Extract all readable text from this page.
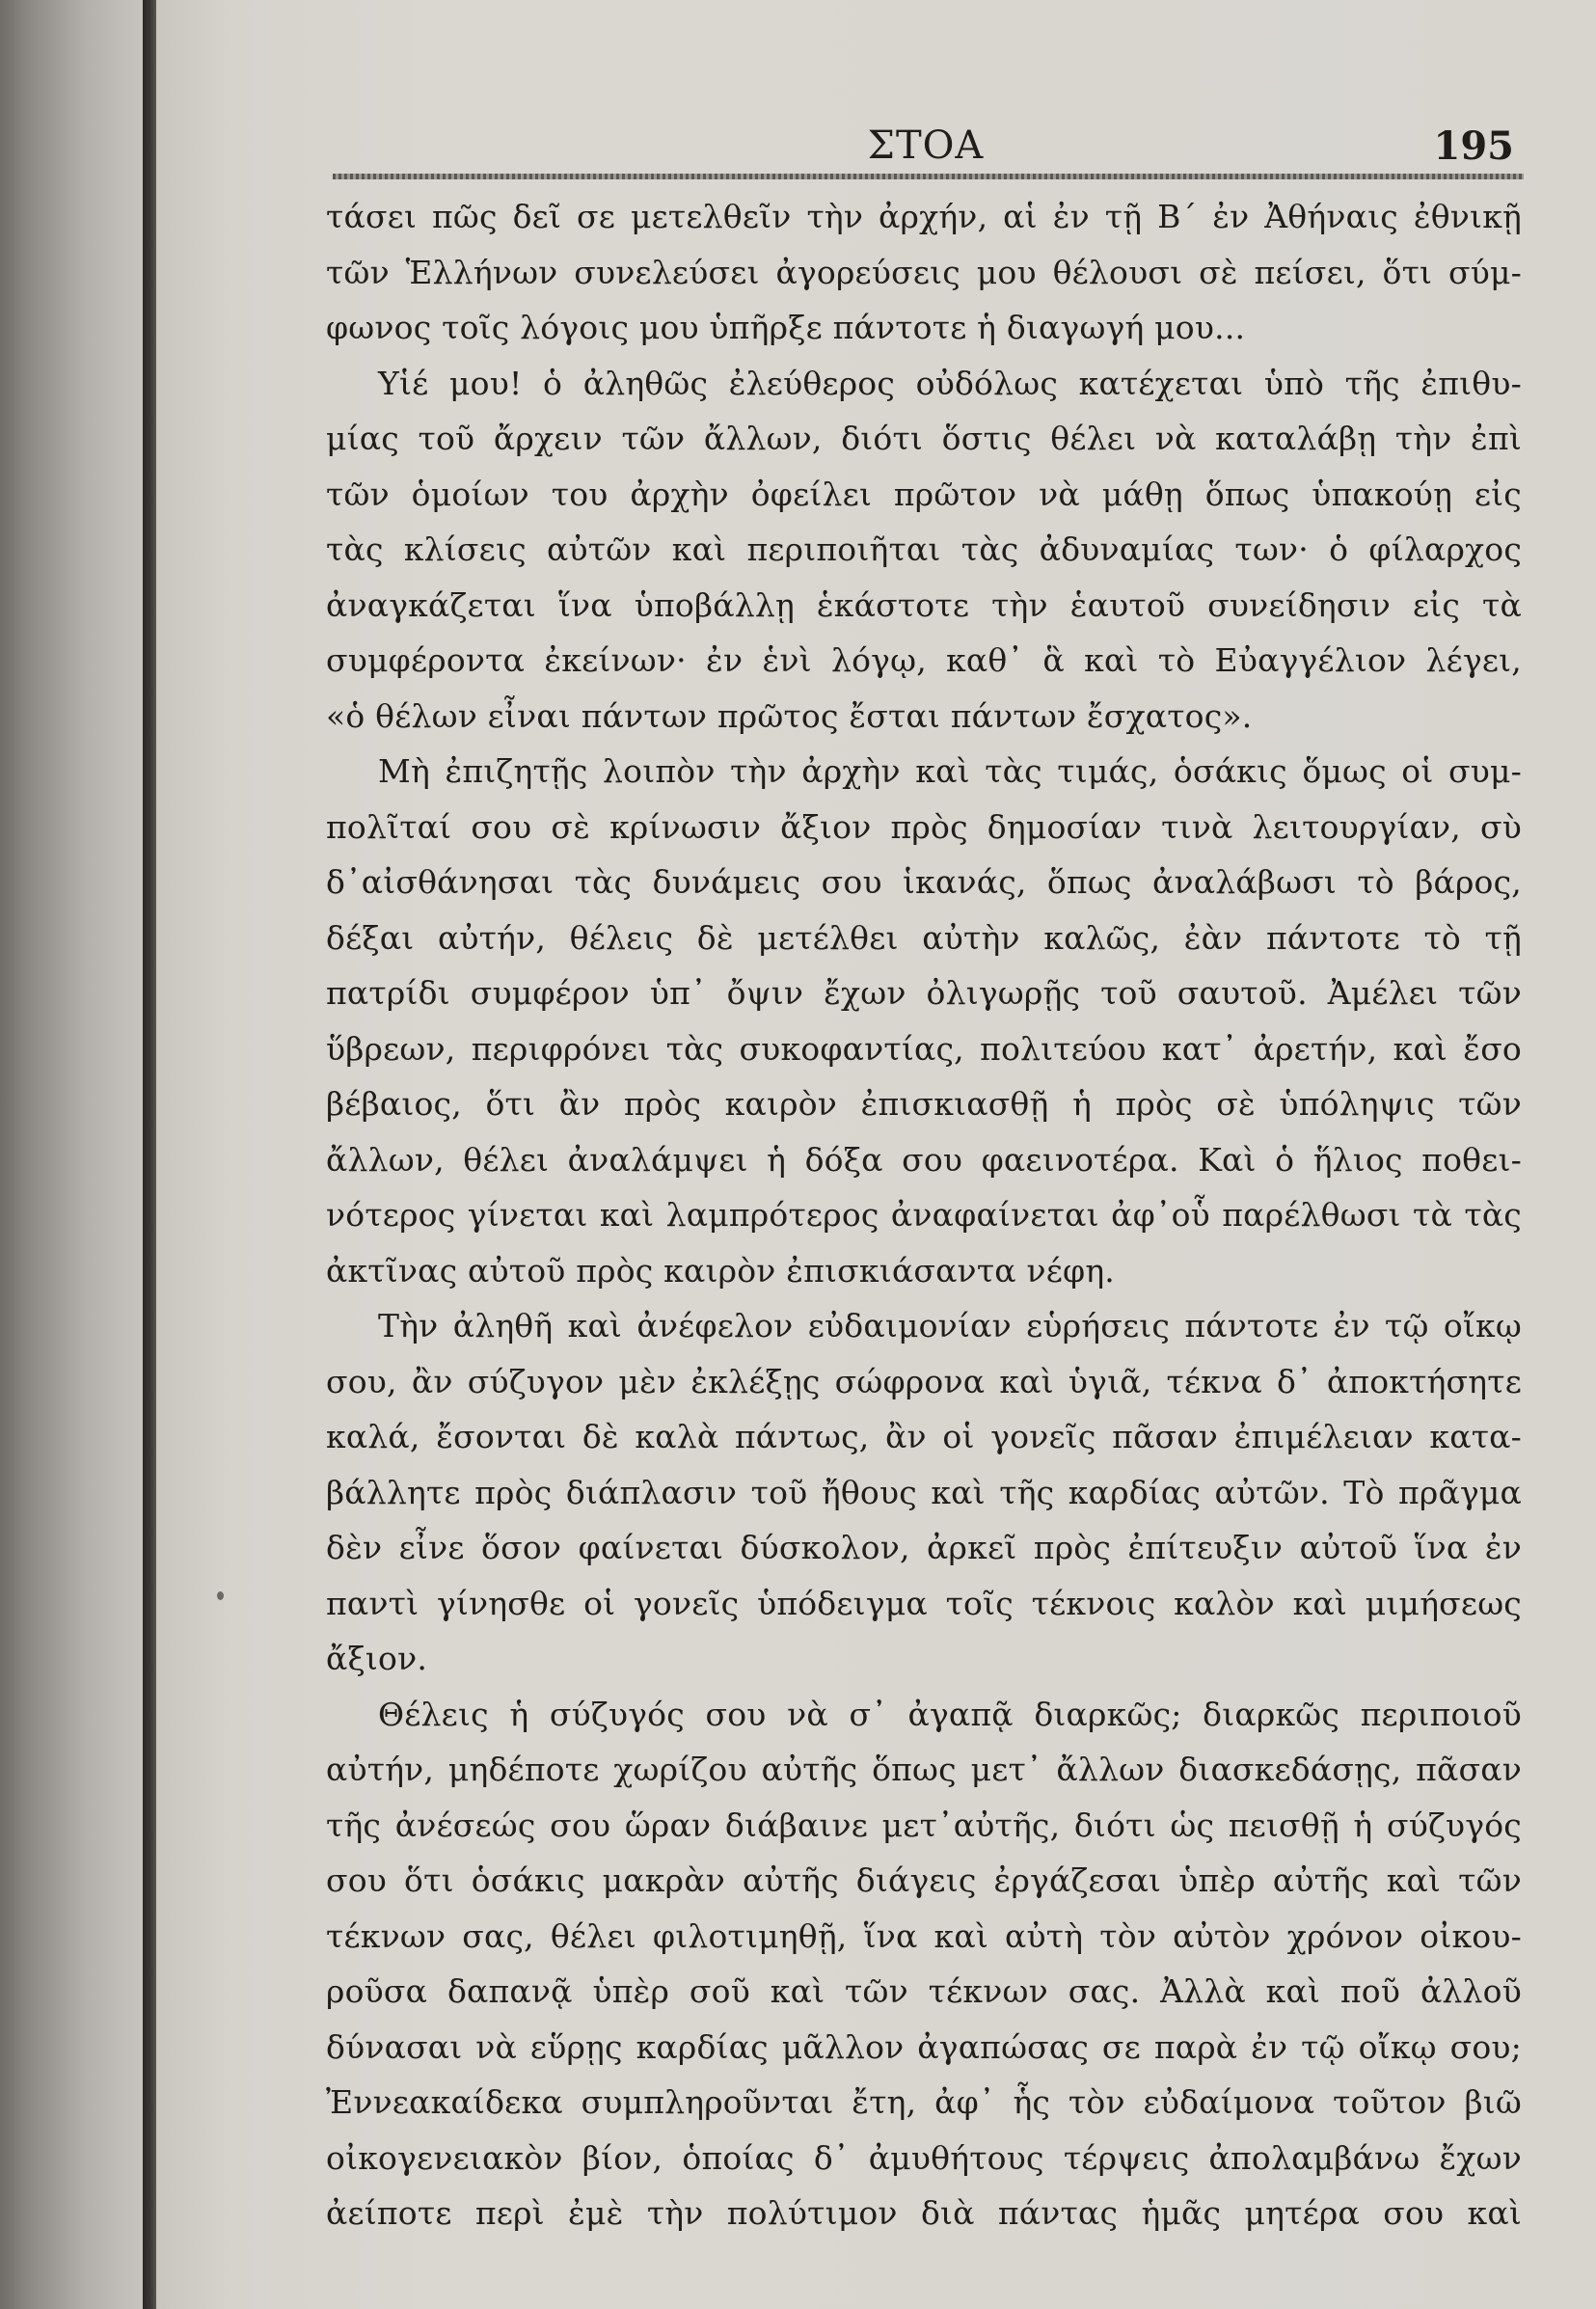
ΣΤΟΑ	195
τάσει πῶς δεῖ σε μετελθεῖν τὴν ἀρχήν, αἱ ἐν τῇ Β΄ ἐν Ἀθήναις ἐθνικῇ
τῶν Ἑλλήνων συνελεύσει ἀγορεύσεις μου θέλουσι σὲ πείσει, ὅτι σύμ-
φωνος τοῖς λόγοις μου ὑπῆρξε πάντοτε ἡ διαγωγή μου...
Υἱέ μου! ὁ ἀληθῶς ἐλεύθερος οὐδόλως κατέχεται ὑπὸ τῆς ἐπιθυ-
μίας τοῦ ἄρχειν τῶν ἄλλων, διότι ὅστις θέλει νὰ καταλάβῃ τὴν ἐπὶ
τῶν ὁμοίων του ἀρχὴν ὀφείλει πρῶτον νὰ μάθῃ ὅπως ὑπακούῃ εἰς
τὰς κλίσεις αὐτῶν καὶ περιποιῆται τὰς ἀδυναμίας των· ὁ φίλαρχος
ἀναγκάζεται ἵνα ὑποβάλλῃ ἑκάστοτε τὴν ἑαυτοῦ συνείδησιν εἰς τὰ
συμφέροντα ἐκείνων· ἐν ἑνὶ λόγῳ, καθ᾽ ἃ καὶ τὸ Εὐαγγέλιον λέγει,
«ὁ θέλων εἶναι πάντων πρῶτος ἔσται πάντων ἔσχατος».
Μὴ ἐπιζητῇς λοιπὸν τὴν ἀρχὴν καὶ τὰς τιμάς, ὁσάκις ὅμως οἱ συμ-
πολῖταί σου σὲ κρίνωσιν ἄξιον πρὸς δημοσίαν τινὰ λειτουργίαν, σὺ
δ᾽αἰσθάνησαι τὰς δυνάμεις σου ἱκανάς, ὅπως ἀναλάβωσι τὸ βάρος,
δέξαι αὐτήν, θέλεις δὲ μετέλθει αὐτὴν καλῶς, ἐὰν πάντοτε τὸ τῇ
πατρίδι συμφέρον ὑπ᾽ ὄψιν ἔχων ὀλιγωρῇς τοῦ σαυτοῦ. Ἀμέλει τῶν
ὕβρεων, περιφρόνει τὰς συκοφαντίας, πολιτεύου κατ᾽ ἀρετήν, καὶ ἔσο
βέβαιος, ὅτι ἂν πρὸς καιρὸν ἐπισκιασθῇ ἡ πρὸς σὲ ὑπόληψις τῶν
ἄλλων, θέλει ἀναλάμψει ἡ δόξα σου φαεινοτέρα. Καὶ ὁ ἥλιος ποθει-
νότερος γίνεται καὶ λαμπρότερος ἀναφαίνεται ἀφ᾽οὗ παρέλθωσι τὰ τὰς
ἀκτῖνας αὐτοῦ πρὸς καιρὸν ἐπισκιάσαντα νέφη.
Τὴν ἀληθῆ καὶ ἀνέφελον εὐδαιμονίαν εὑρήσεις πάντοτε ἐν τῷ οἴκῳ
σου, ἂν σύζυγον μὲν ἐκλέξῃς σώφρονα καὶ ὑγιᾶ, τέκνα δ᾽ ἀποκτήσητε
καλά, ἔσονται δὲ καλὰ πάντως, ἂν οἱ γονεῖς πᾶσαν ἐπιμέλειαν κατα-
βάλλητε πρὸς διάπλασιν τοῦ ἤθους καὶ τῆς καρδίας αὐτῶν. Τὸ πρᾶγμα
δὲν εἶνε ὅσον φαίνεται δύσκολον, ἀρκεῖ πρὸς ἐπίτευξιν αὐτοῦ ἵνα ἐν
παντὶ γίνησθε οἱ γονεῖς ὑπόδειγμα τοῖς τέκνοις καλὸν καὶ μιμήσεως
ἄξιον.
Θέλεις ἡ σύζυγός σου νὰ σ᾽ ἀγαπᾷ διαρκῶς; διαρκῶς περιποιοῦ
αὐτήν, μηδέποτε χωρίζου αὐτῆς ὅπως μετ᾽ ἄλλων διασκεδάσῃς, πᾶσαν
τῆς ἀνέσεώς σου ὥραν διάβαινε μετ᾽αὐτῆς, διότι ὡς πεισθῇ ἡ σύζυγός
σου ὅτι ὁσάκις μακρὰν αὐτῆς διάγεις ἐργάζεσαι ὑπὲρ αὐτῆς καὶ τῶν
τέκνων σας, θέλει φιλοτιμηθῇ, ἵνα καὶ αὐτὴ τὸν αὐτὸν χρόνον οἰκου-
ροῦσα δαπανᾷ ὑπὲρ σοῦ καὶ τῶν τέκνων σας. Ἀλλὰ καὶ ποῦ ἀλλοῦ
δύνασαι νὰ εὕρῃς καρδίας μᾶλλον ἀγαπώσας σε παρὰ ἐν τῷ οἴκῳ σου;
Ἐννεακαίδεκα συμπληροῦνται ἔτη, ἀφ᾽ ἧς τὸν εὐδαίμονα τοῦτον βιῶ
οἰκογενειακὸν βίον, ὁποίας δ᾽ ἀμυθήτους τέρψεις ἀπολαμβάνω ἔχων
ἀείποτε περὶ ἐμὲ τὴν πολύτιμον διὰ πάντας ἡμᾶς μητέρα σου καὶ
